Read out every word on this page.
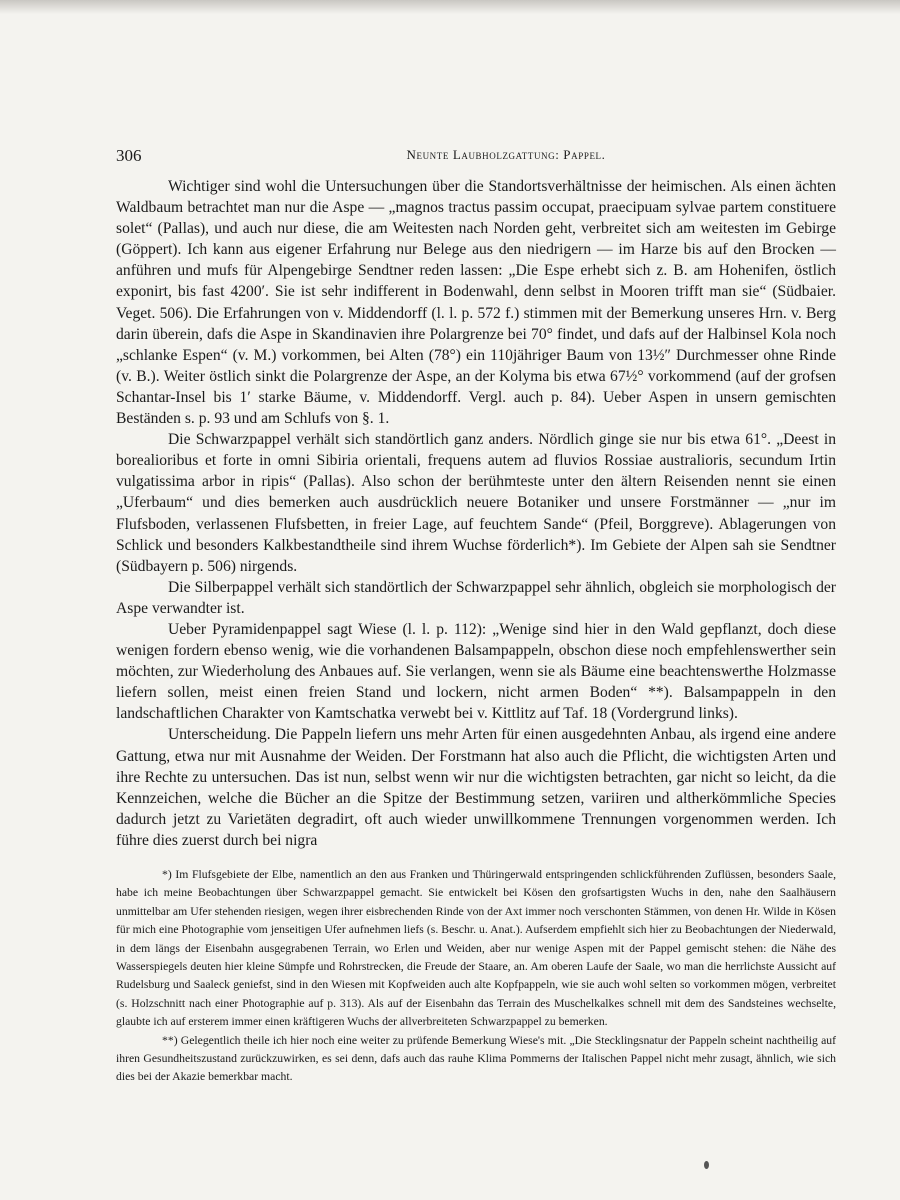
306	Neunte Laubholzgattung: Pappel.

Wichtiger sind wohl die Untersuchungen über die Standortsverhältnisse der heimischen. Als einen ächten Waldbaum betrachtet man nur die Aspe — „magnos tractus passim occupat, praecipuam sylvae partem constituere solet“ (Pallas), und auch nur diese, die am Weitesten nach Norden geht, verbreitet sich am weitesten im Gebirge (Göppert). Ich kann aus eigener Erfahrung nur Belege aus den niedrigern — im Harze bis auf den Brocken — anführen und mufs für Alpengebirge Sendtner reden lassen: „Die Espe erhebt sich z. B. am Hohenifen, östlich exponirt, bis fast 4200′. Sie ist sehr indifferent in Bodenwahl, denn selbst in Mooren trifft man sie“ (Südbaier. Veget. 506). Die Erfahrungen von v. Middendorff (l. l. p. 572 f.) stimmen mit der Bemerkung unseres Hrn. v. Berg darin überein, dafs die Aspe in Skandinavien ihre Polargrenze bei 70° findet, und dafs auf der Halbinsel Kola noch „schlanke Espen“ (v. M.) vorkommen, bei Alten (78°) ein 110jähriger Baum von 13½″ Durchmesser ohne Rinde (v. B.). Weiter östlich sinkt die Polargrenze der Aspe, an der Kolyma bis etwa 67½° vorkommend (auf der grofsen Schantar-Insel bis 1′ starke Bäume, v. Middendorff. Vergl. auch p. 84). Ueber Aspen in unsern gemischten Beständen s. p. 93 und am Schlufs von §. 1.

Die Schwarzpappel verhält sich standörtlich ganz anders. Nördlich ginge sie nur bis etwa 61°. „Deest in borealioribus et forte in omni Sibiria orientali, frequens autem ad fluvios Rossiae australioris, secundum Irtin vulgatissima arbor in ripis“ (Pallas). Also schon der berühmteste unter den ältern Reisenden nennt sie einen „Uferbaum“ und dies bemerken auch ausdrücklich neuere Botaniker und unsere Forstmänner — „nur im Flufsboden, verlassenen Flufsbetten, in freier Lage, auf feuchtem Sande“ (Pfeil, Borggreve). Ablagerungen von Schlick und besonders Kalkbestandtheile sind ihrem Wuchse förderlich*). Im Gebiete der Alpen sah sie Sendtner (Südbayern p. 506) nirgends.

Die Silberpappel verhält sich standörtlich der Schwarzpappel sehr ähnlich, obgleich sie morphologisch der Aspe verwandter ist.

Ueber Pyramidenpappel sagt Wiese (l. l. p. 112): „Wenige sind hier in den Wald gepflanzt, doch diese wenigen fordern ebenso wenig, wie die vorhandenen Balsampappeln, obschon diese noch empfehlenswerther sein möchten, zur Wiederholung des Anbaues auf. Sie verlangen, wenn sie als Bäume eine beachtenswerthe Holzmasse liefern sollen, meist einen freien Stand und lockern, nicht armen Boden“ **). Balsampappeln in den landschaftlichen Charakter von Kamtschatka verwebt bei v. Kittlitz auf Taf. 18 (Vordergrund links).

Unterscheidung. Die Pappeln liefern uns mehr Arten für einen ausgedehnten Anbau, als irgend eine andere Gattung, etwa nur mit Ausnahme der Weiden. Der Forstmann hat also auch die Pflicht, die wichtigsten Arten und ihre Rechte zu untersuchen. Das ist nun, selbst wenn wir nur die wichtigsten betrachten, gar nicht so leicht, da die Kennzeichen, welche die Bücher an die Spitze der Bestimmung setzen, variiren und altherkömmliche Species dadurch jetzt zu Varietäten degradirt, oft auch wieder unwillkommene Trennungen vorgenommen werden. Ich führe dies zuerst durch bei nigra

*) Im Flufsgebiete der Elbe, namentlich an den aus Franken und Thüringerwald entspringenden schlickführenden Zuflüssen, besonders Saale, habe ich meine Beobachtungen über Schwarzpappel gemacht. Sie entwickelt bei Kösen den grofsartigsten Wuchs in den, nahe den Saalhäusern unmittelbar am Ufer stehenden riesigen, wegen ihrer eisbrechenden Rinde von der Axt immer noch verschonten Stämmen, von denen Hr. Wilde in Kösen für mich eine Photographie vom jenseitigen Ufer aufnehmen liefs (s. Beschr. u. Anat.). Aufserdem empfiehlt sich hier zu Beobachtungen der Niederwald, in dem längs der Eisenbahn ausgegrabenen Terrain, wo Erlen und Weiden, aber nur wenige Aspen mit der Pappel gemischt stehen: die Nähe des Wasserspiegels deuten hier kleine Sümpfe und Rohrstrecken, die Freude der Staare, an. Am oberen Laufe der Saale, wo man die herrlichste Aussicht auf Rudelsburg und Saaleck geniefst, sind in den Wiesen mit Kopfweiden auch alte Kopfpappeln, wie sie auch wohl selten so vorkommen mögen, verbreitet (s. Holzschnitt nach einer Photographie auf p. 313). Als auf der Eisenbahn das Terrain des Muschelkalkes schnell mit dem des Sandsteines wechselte, glaubte ich auf ersterem immer einen kräftigeren Wuchs der allverbreiteten Schwarzpappel zu bemerken.

**) Gelegentlich theile ich hier noch eine weiter zu prüfende Bemerkung Wiese's mit. „Die Stecklingsnatur der Pappeln scheint nachtheilig auf ihren Gesundheitszustand zurückzuwirken, es sei denn, dafs auch das rauhe Klima Pommerns der Italischen Pappel nicht mehr zusagt, ähnlich, wie sich dies bei der Akazie bemerkbar macht.
